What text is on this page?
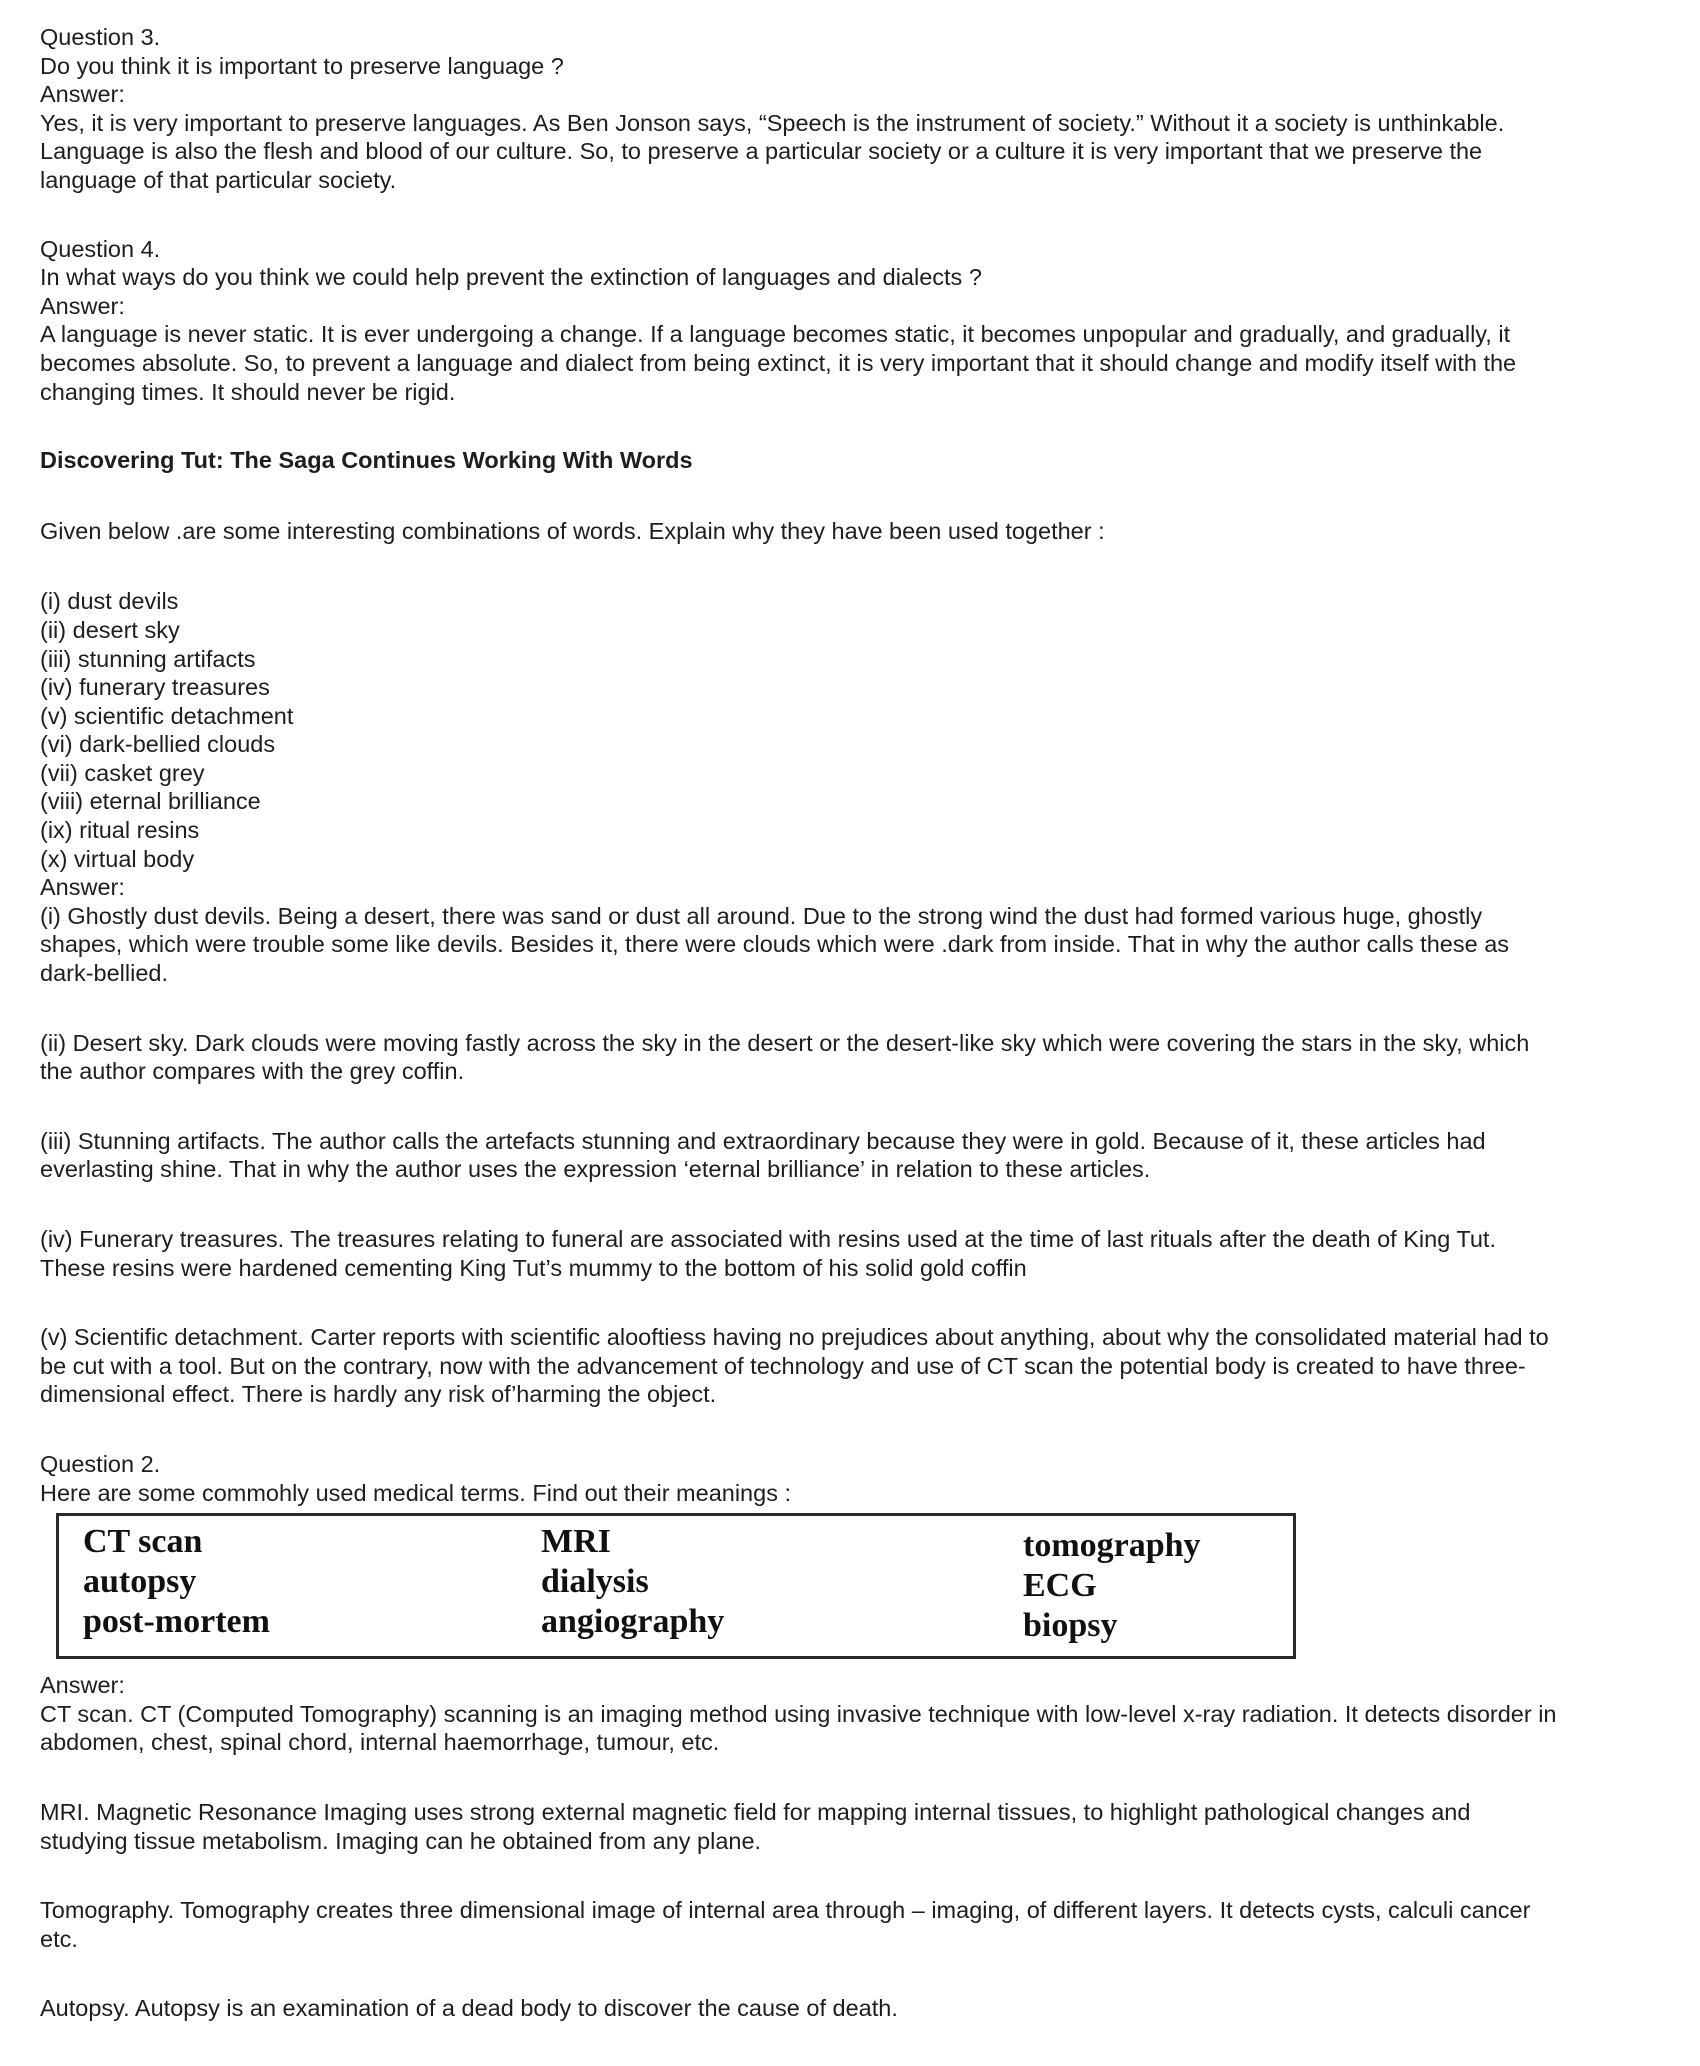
Question 3.
Do you think it is important to preserve language ?
Answer:
Yes, it is very important to preserve languages. As Ben Jonson says, “Speech is the instrument of society.” Without it a society is unthinkable.
Language is also the flesh and blood of our culture. So, to preserve a particular society or a culture it is very important that we preserve the
language of that particular society.
Question 4.
In what ways do you think we could help prevent the extinction of languages and dialects ?
Answer:
A language is never static. It is ever undergoing a change. If a language becomes static, it becomes unpopular and gradually, and gradually, it
becomes absolute. So, to prevent a language and dialect from being extinct, it is very important that it should change and modify itself with the
changing times. It should never be rigid.
Discovering Tut: The Saga Continues Working With Words
Given below .are some interesting combinations of words. Explain why they have been used together :
(i) dust devils
(ii) desert sky
(iii) stunning artifacts
(iv) funerary treasures
(v) scientific detachment
(vi) dark-bellied clouds
(vii) casket grey
(viii) eternal brilliance
(ix) ritual resins
(x) virtual body
Answer:
(i) Ghostly dust devils. Being a desert, there was sand or dust all around. Due to the strong wind the dust had formed various huge, ghostly
shapes, which were trouble some like devils. Besides it, there were clouds which were .dark from inside. That in why the author calls these as
dark-bellied.
(ii) Desert sky. Dark clouds were moving fastly across the sky in the desert or the desert-like sky which were covering the stars in the sky, which
the author compares with the grey coffin.
(iii) Stunning artifacts. The author calls the artefacts stunning and extraordinary because they were in gold. Because of it, these articles had
everlasting shine. That in why the author uses the expression ‘eternal brilliance’ in relation to these articles.
(iv) Funerary treasures. The treasures relating to funeral are associated with resins used at the time of last rituals after the death of King Tut.
These resins were hardened cementing King Tut’s mummy to the bottom of his solid gold coffin
(v) Scientific detachment. Carter reports with scientific alooftiess having no prejudices about anything, about why the consolidated material had to
be cut with a tool. But on the contrary, now with the advancement of technology and use of CT scan the potential body is created to have three-
dimensional effect. There is hardly any risk of’harming the object.
Question 2.
Here are some commohly used medical terms. Find out their meanings :
CT scan
autopsy
post-mortem
MRI
dialysis
angiography
tomography
ECG
biopsy
Answer:
CT scan. CT (Computed Tomography) scanning is an imaging method using invasive technique with low-level x-ray radiation. It detects disorder in
abdomen, chest, spinal chord, internal haemorrhage, tumour, etc.
MRI. Magnetic Resonance Imaging uses strong external magnetic field for mapping internal tissues, to highlight pathological changes and
studying tissue metabolism. Imaging can he obtained from any plane.
Tomography. Tomography creates three dimensional image of internal area through – imaging, of different layers. It detects cysts, calculi cancer
etc.
Autopsy. Autopsy is an examination of a dead body to discover the cause of death.
